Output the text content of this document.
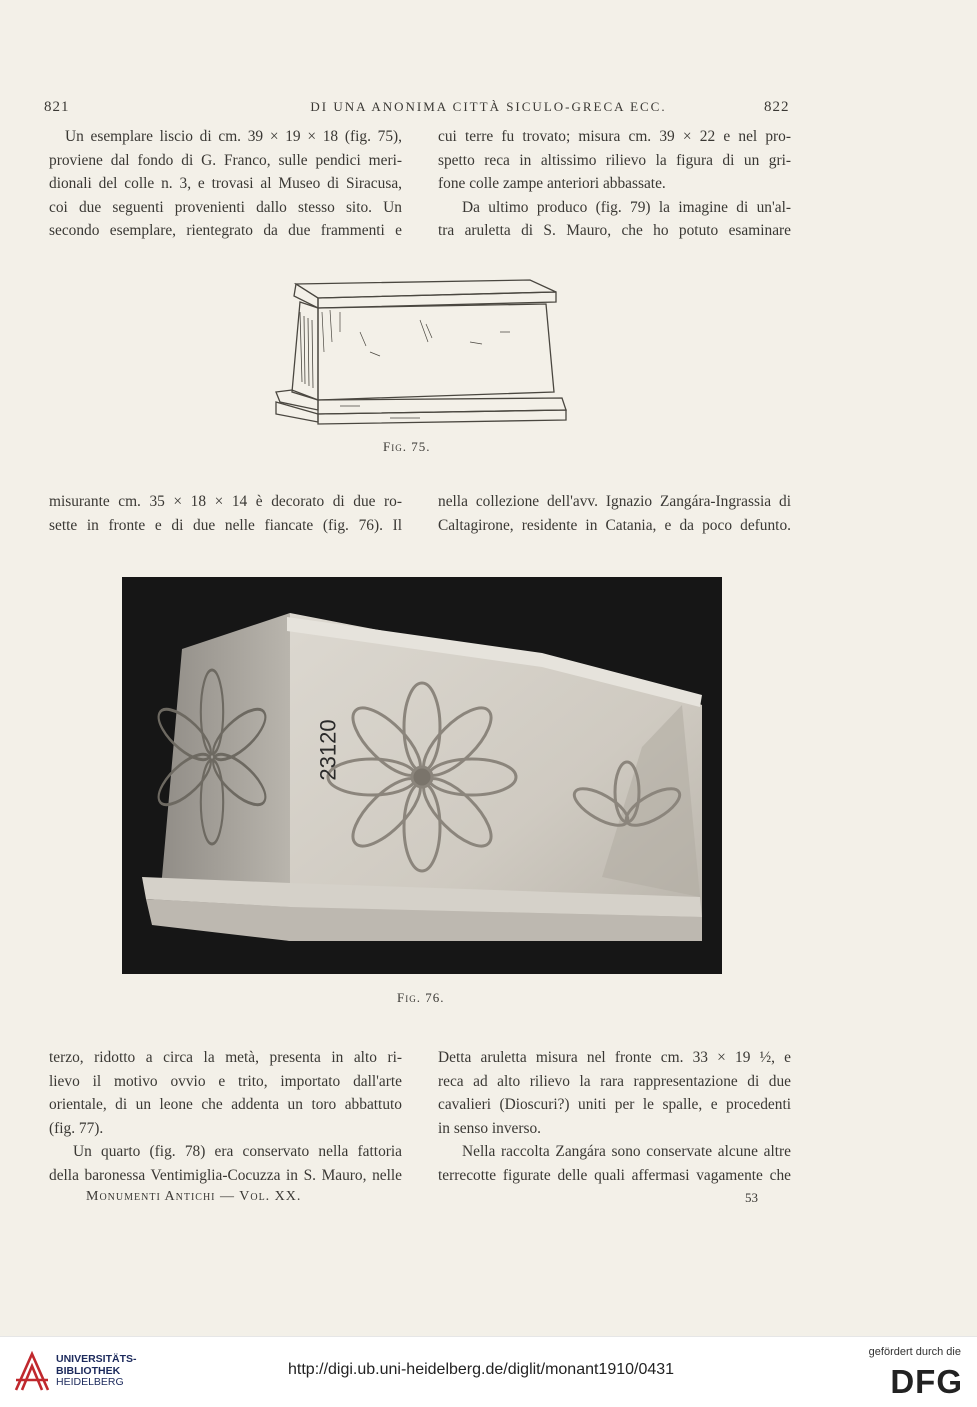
821	DI UNA ANONIMA CITTÀ SICULO-GRECA ECC.	822
Un esemplare liscio di cm. 39 × 19 × 18 (fig. 75),
proviene dal fondo di G. Franco, sulle pendici meri-
dionali del colle n. 3, e trovasi al Museo di Siracusa,
coi due seguenti provenienti dallo stesso sito. Un
secondo esemplare, rientegrato da due frammenti e
cui terre fu trovato; misura cm. 39 × 22 e nel pro-
spetto reca in altissimo rilievo la figura di un gri-
fone colle zampe anteriori abbassate.
Da ultimo produco (fig. 79) la imagine di un'al-
tra aruletta di S. Mauro, che ho potuto esaminare
Fig. 75.
misurante cm. 35 × 18 × 14 è decorato di due ro-
sette in fronte e di due nelle fiancate (fig. 76). Il
nella collezione dell'avv. Ignazio Zangára-Ingrassia di
Caltagirone, residente in Catania, e da poco defunto.
23120
Fig. 76.
terzo, ridotto a circa la metà, presenta in alto ri-
lievo il motivo ovvio e trito, importato dall'arte
orientale, di un leone che addenta un toro abbattuto
(fig. 77).
Un quarto (fig. 78) era conservato nella fattoria
della baronessa Ventimiglia-Cocuzza in S. Mauro, nelle
Detta aruletta misura nel fronte cm. 33 × 19 ½, e
reca ad alto rilievo la rara rappresentazione di due
cavalieri (Dioscuri?) uniti per le spalle, e procedenti
in senso inverso.
Nella raccolta Zangára sono conservate alcune altre
terrecotte figurate delle quali affermasi vagamente che
Monumenti Antichi — Vol. XX.	53
UNIVERSITÄTS-
BIBLIOTHEK
HEIDELBERG
http://digi.ub.uni-heidelberg.de/diglit/monant1910/0431
gefördert durch die
DFG
